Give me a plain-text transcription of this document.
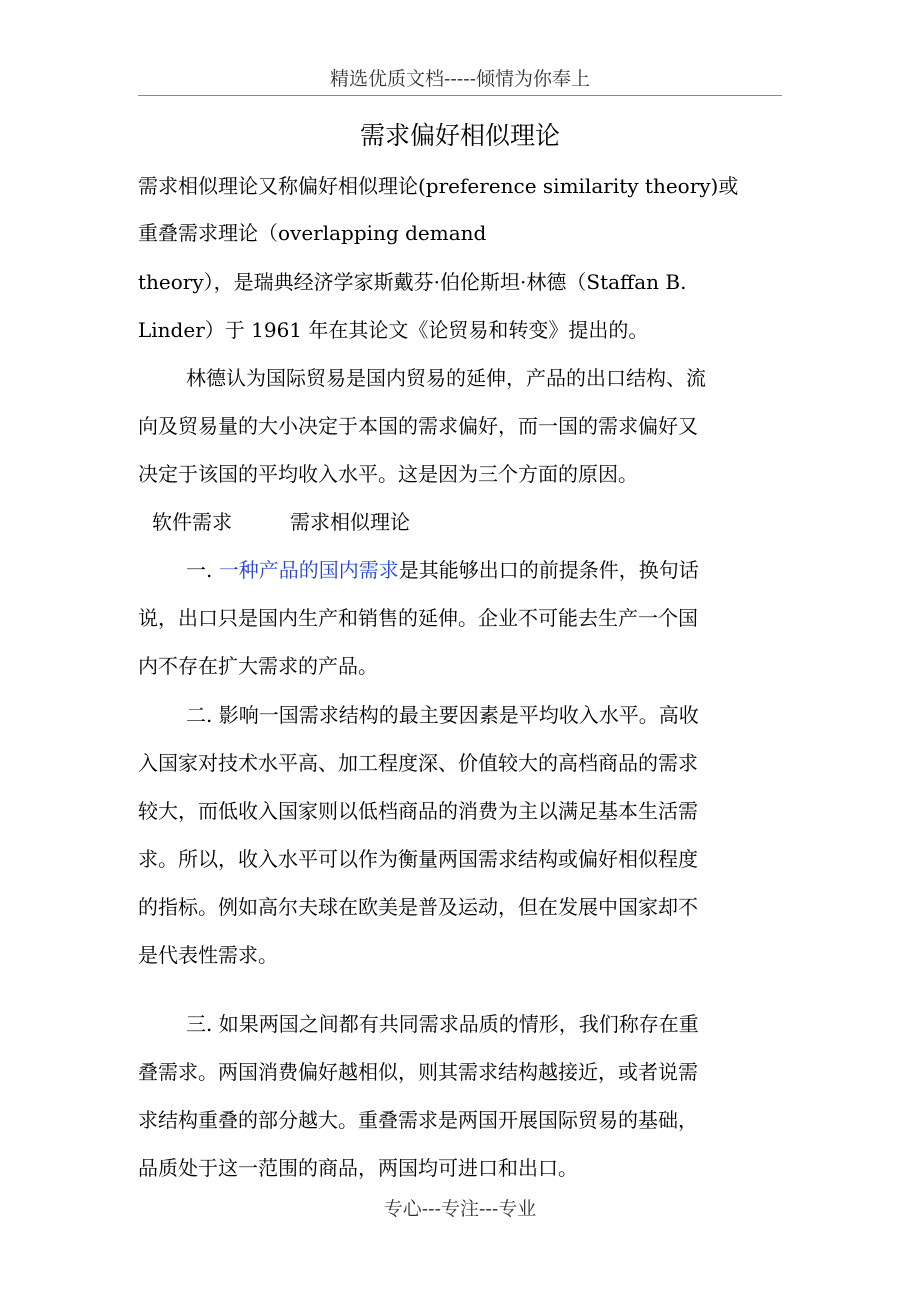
精选优质文档-----倾情为你奉上
需求偏好相似理论
需求相似理论又称偏好相似理论(preference similarity theory)或
重叠需求理论（overlapping demand
theory），是瑞典经济学家斯戴芬·伯伦斯坦·林德（Staffan B.
Linder）于 1961 年在其论文《论贸易和转变》提出的。
林德认为国际贸易是国内贸易的延伸，产品的出口结构、流
向及贸易量的大小决定于本国的需求偏好，而一国的需求偏好又
决定于该国的平均收入水平。这是因为三个方面的原因。
软件需求	需求相似理论
一. 一种产品的国内需求是其能够出口的前提条件，换句话
说，出口只是国内生产和销售的延伸。企业不可能去生产一个国
内不存在扩大需求的产品。
二. 影响一国需求结构的最主要因素是平均收入水平。高收
入国家对技术水平高、加工程度深、价值较大的高档商品的需求
较大，而低收入国家则以低档商品的消费为主以满足基本生活需
求。所以，收入水平可以作为衡量两国需求结构或偏好相似程度
的指标。例如高尔夫球在欧美是普及运动，但在发展中国家却不
是代表性需求。
三. 如果两国之间都有共同需求品质的情形，我们称存在重
叠需求。两国消费偏好越相似，则其需求结构越接近，或者说需
求结构重叠的部分越大。重叠需求是两国开展国际贸易的基础，
品质处于这一范围的商品，两国均可进口和出口。
专心---专注---专业
